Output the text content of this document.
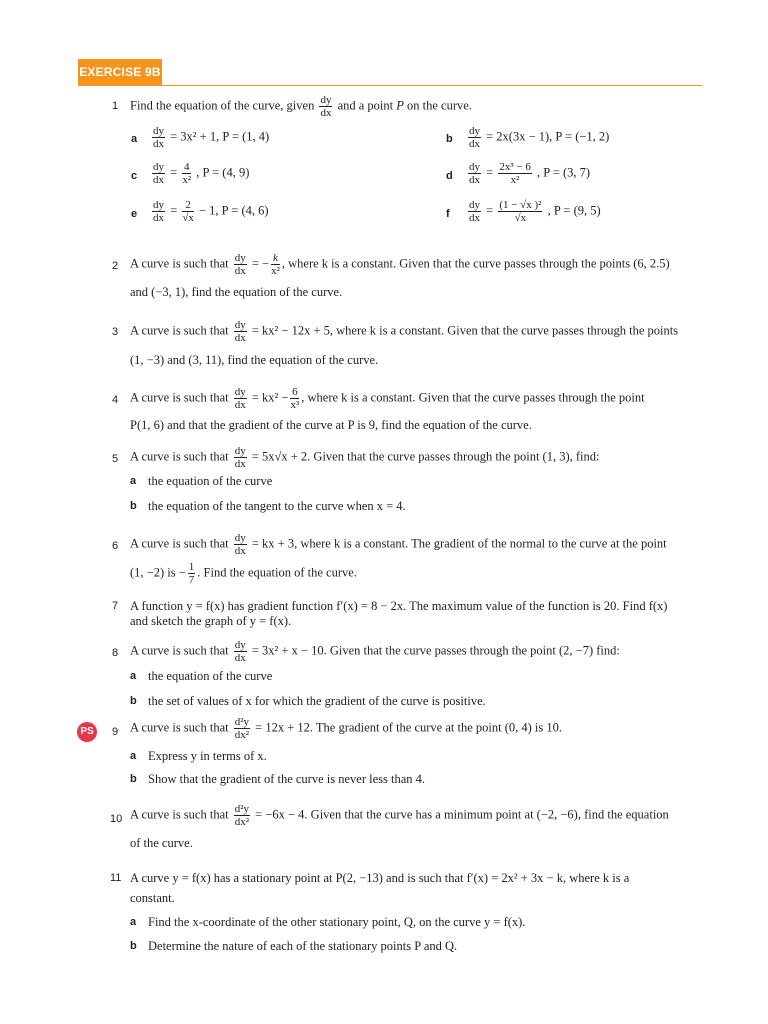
EXERCISE 9B
1 Find the equation of the curve, given $\frac{dy}{dx}$ and a point P on the curve.
a $\frac{dy}{dx} = 3x^2 + 1$, P = (1, 4)	b $\frac{dy}{dx} = 2x(3x - 1)$, P = (−1, 2)
c $\frac{dy}{dx} = \frac{4}{\text{x²}}$ , P = (4, 9)	d $\frac{dy}{dx} = \frac{\text{2x³ − 6}}{\text{x²}}$ , P = (3, 7)
e $\frac{dy}{dx} = \frac{2}{√x} - 1$, P = (4, 6)	f $\frac{dy}{dx} = \frac{\text{(1 − √x )²}}{√x}$ , P = (9, 5)
2 A curve is such that $\frac{dy}{dx}$ = − $\frac{k}{\text{x²}}$ , where k is a constant. Given that the curve passes through the points (6, 2.5)
and (−3, 1), find the equation of the curve.
3 A curve is such that $\frac{dy}{dx} = kx^2 - 12x + 5$, where k is a constant. Given that the curve passes through the points
(1, −3) and (3, 11), find the equation of the curve.
4 A curve is such that $\frac{dy}{dx} = kx^2 - \frac{6}{\text{x³}}$ , where k is a constant. Given that the curve passes through the point
P(1, 6) and that the gradient of the curve at P is 9, find the equation of the curve.
5 A curve is such that $\frac{dy}{dx} = 5x√x + 2$. Given that the curve passes through the point (1, 3), find:
a the equation of the curve
b the equation of the tangent to the curve when x = 4.
6 A curve is such that $\frac{dy}{dx}$ = kx + 3, where k is a constant. The gradient of the normal to the curve at the point
(1, −2) is − $\frac{1}{7}$ . Find the equation of the curve.
7 A function y = f(x) has gradient function f′(x) = 8 − 2x. The maximum value of the function is 20. Find f(x)
and sketch the graph of y = f(x).
8 A curve is such that $\frac{dy}{dx} = 3x^2 + x - 10$. Given that the curve passes through the point (2, −7) find:
a the equation of the curve
b the set of values of x for which the gradient of the curve is positive.
PS	9 A curve is such that $\frac{\text{d²y}}{\text{dx²}} = 12x + 12$. The gradient of the curve at the point (0, 4) is 10.
a Express y in terms of x.
b Show that the gradient of the curve is never less than 4.
10 A curve is such that $\frac{\text{d²y}}{\text{dx²}} = -6x - 4$. Given that the curve has a minimum point at (−2, −6), find the equation
of the curve.
11 A curve y = f(x) has a stationary point at P(2, −13) and is such that f′(x) = 2x² + 3x − k, where k is a
constant.
a Find the x-coordinate of the other stationary point, Q, on the curve y = f(x).
b Determine the nature of each of the stationary points P and Q.
